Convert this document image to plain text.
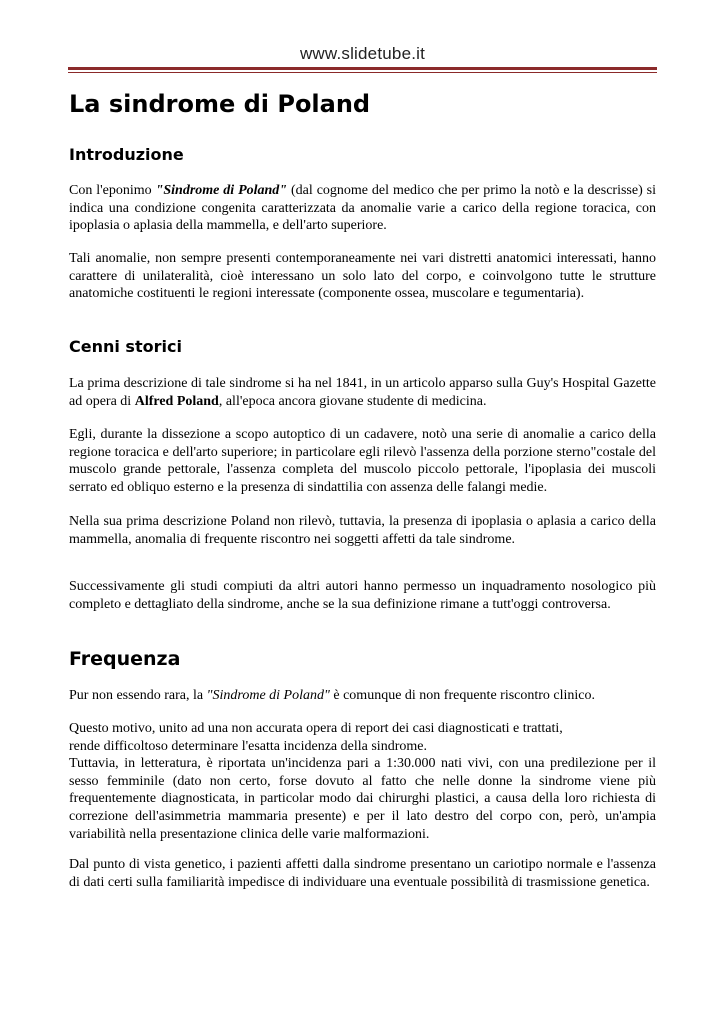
www.slidetube.it
La sindrome di Poland
Introduzione

Con l'eponimo "Sindrome di Poland" (dal cognome del medico che per primo la notò e la descrisse) si indica una condizione congenita caratterizzata da anomalie varie a carico della regione toracica, con ipoplasia o aplasia della mammella, e dell'arto superiore.

Tali anomalie, non sempre presenti contemporaneamente nei vari distretti anatomici interessati, hanno carattere di unilateralità, cioè interessano un solo lato del corpo, e coinvolgono tutte le strutture anatomiche costituenti le regioni interessate (componente ossea, muscolare e tegumentaria).

Cenni storici

La prima descrizione di tale sindrome si ha nel 1841, in un articolo apparso sulla Guy's Hospital Gazette ad opera di Alfred Poland, all'epoca ancora giovane studente di medicina.

Egli, durante la dissezione a scopo autoptico di un cadavere, notò una serie di anomalie a carico della regione toracica e dell'arto superiore; in particolare egli rilevò l'assenza della porzione sterno"costale del muscolo grande pettorale, l'assenza completa del muscolo piccolo pettorale, l'ipoplasia dei muscoli serrato ed obliquo esterno e la presenza di sindattilia con assenza delle falangi medie.

Nella sua prima descrizione Poland non rilevò, tuttavia, la presenza di ipoplasia o aplasia a carico della mammella, anomalia di frequente riscontro nei soggetti affetti da tale sindrome.

Successivamente gli studi compiuti da altri autori hanno permesso un inquadramento nosologico più completo e dettagliato della sindrome, anche se la sua definizione rimane a tutt'oggi controversa.

Frequenza

Pur non essendo rara, la "Sindrome di Poland" è comunque di non frequente riscontro clinico.

Questo motivo, unito ad una non accurata opera di report dei casi diagnosticati e trattati,
rende difficoltoso determinare l'esatta incidenza della sindrome.

Tuttavia, in letteratura, è riportata un'incidenza pari a 1:30.000 nati vivi, con una predilezione per il sesso femminile (dato non certo, forse dovuto al fatto che nelle donne la sindrome viene più frequentemente diagnosticata, in particolar modo dai chirurghi plastici, a causa della loro richiesta di correzione dell'asimmetria mammaria presente) e per il lato destro del corpo con, però, un'ampia variabilità nella presentazione clinica delle varie malformazioni.

Dal punto di vista genetico, i pazienti affetti dalla sindrome presentano un cariotipo normale e l'assenza di dati certi sulla familiarità impedisce di individuare una eventuale possibilità di trasmissione genetica.
